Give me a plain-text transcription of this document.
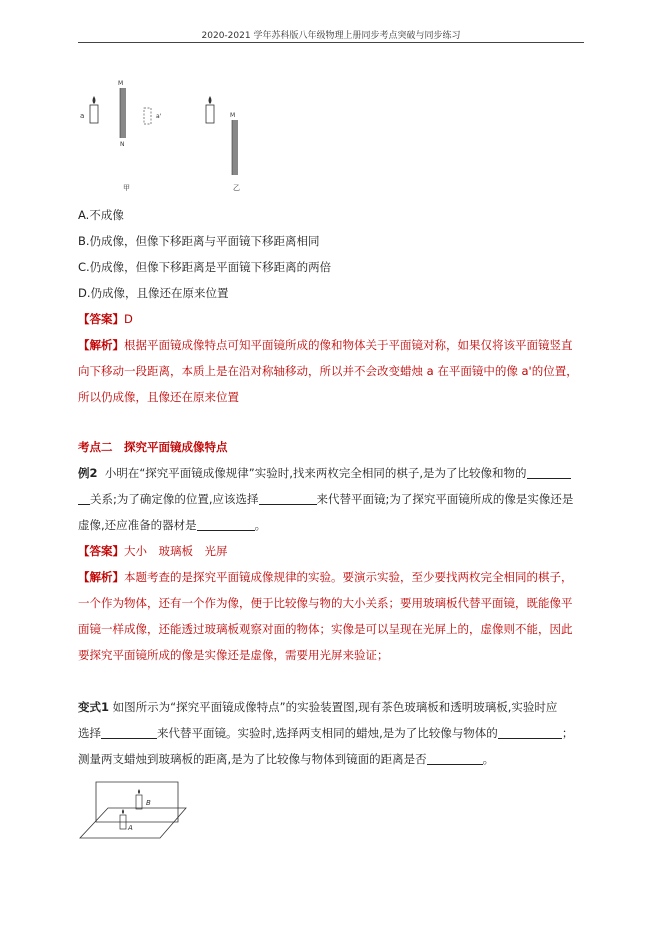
2020-2021 学年苏科版八年级物理上册同步考点突破与同步练习
a
M
N
a'
甲
M
乙
A.不成像
B.仍成像，但像下移距离与平面镜下移距离相同
C.仍成像，但像下移距离是平面镜下移距离的两倍
D.仍成像，且像还在原来位置
【答案】D
【解析】根据平面镜成像特点可知平面镜所成的像和物体关于平面镜对称，如果仅将该平面镜竖直
向下移动一段距离，本质上是在沿对称轴移动，所以并不会改变蜡烛 a 在平面镜中的像 a'的位置，
所以仍成像，且像还在原来位置
考点二　探究平面镜成像特点
例2 小明在“探究平面镜成像规律”实验时,找来两枚完全相同的棋子,是为了比较像和物的
关系;为了确定像的位置,应该选择	来代替平面镜;为了探究平面镜所成的像是实像还是
虚像,还应准备的器材是	。
【答案】大小　玻璃板　光屏
【解析】本题考查的是探究平面镜成像规律的实验。要演示实验，至少要找两枚完全相同的棋子，
一个作为物体，还有一个作为像，便于比较像与物的大小关系；要用玻璃板代替平面镜，既能像平
面镜一样成像，还能透过玻璃板观察对面的物体；实像是可以呈现在光屏上的，虚像则不能，因此
要探究平面镜所成的像是实像还是虚像，需要用光屏来验证；
变式1 如图所示为“探究平面镜成像特点”的实验装置图,现有茶色玻璃板和透明玻璃板,实验时应
选择	来代替平面镜。实验时,选择两支相同的蜡烛,是为了比较像与物体的	；
测量两支蜡烛到玻璃板的距离,是为了比较像与物体到镜面的距离是否	。
B
A
